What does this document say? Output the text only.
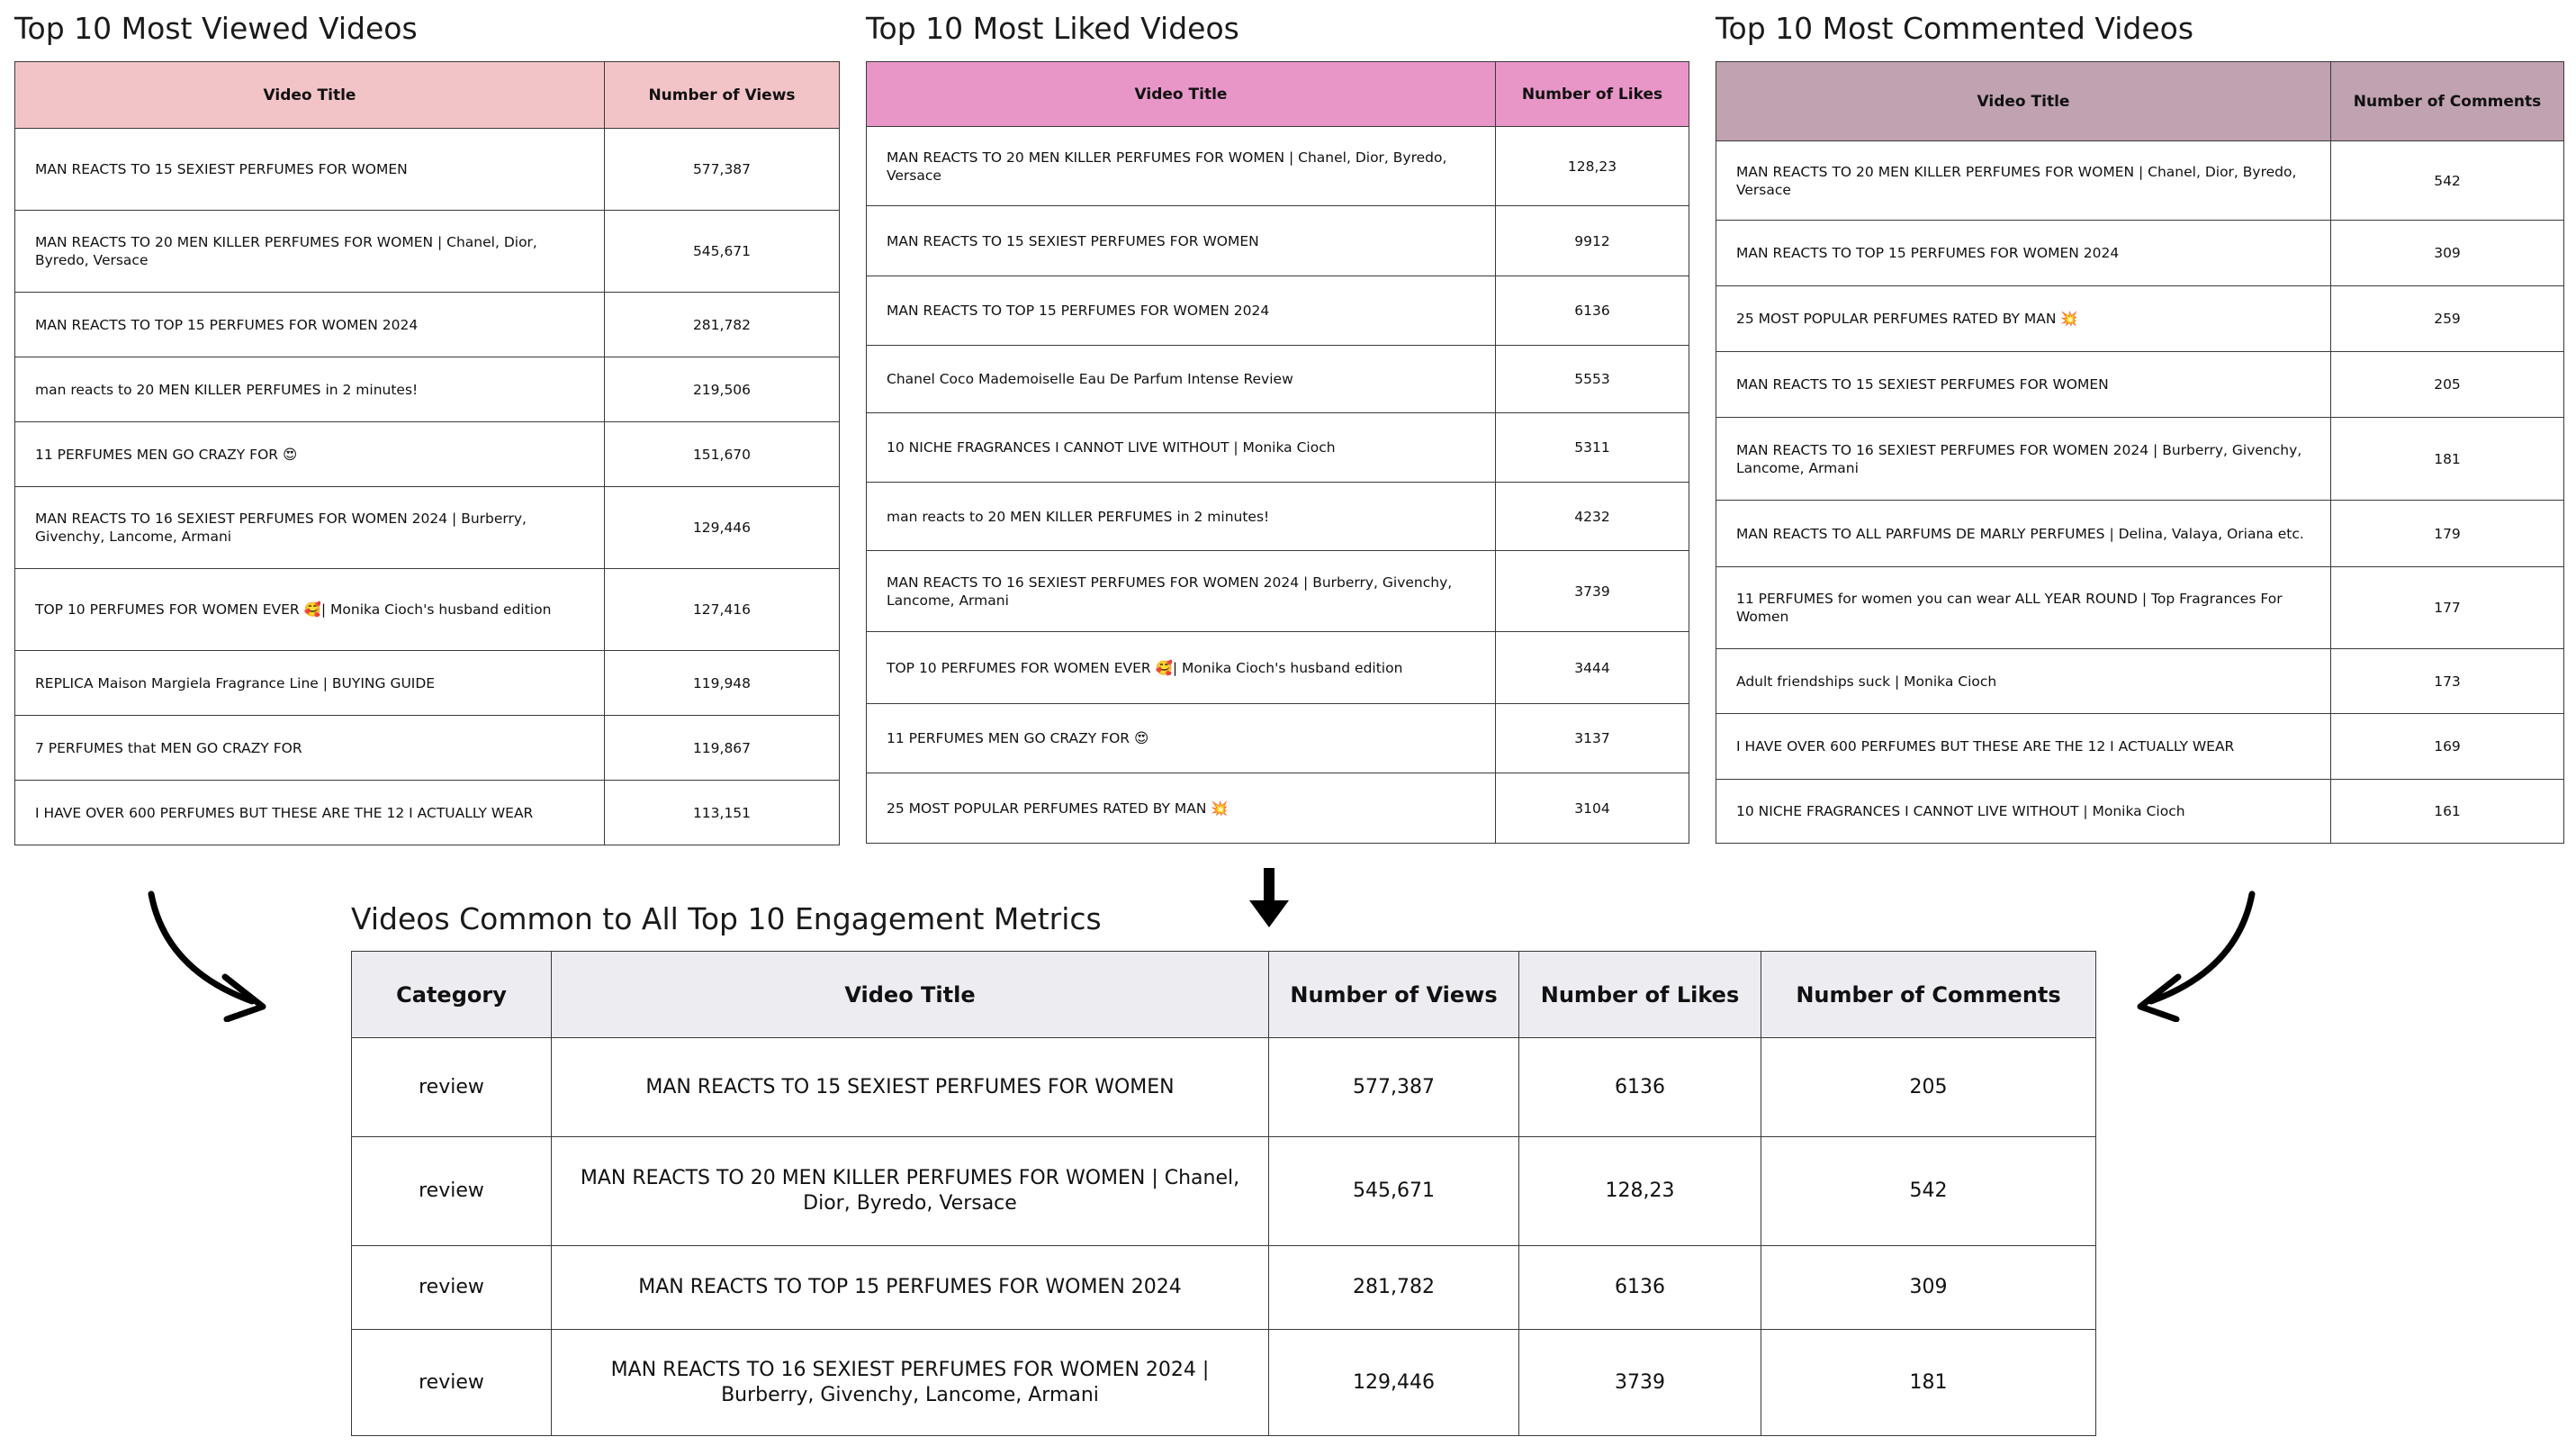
Top 10 Most Viewed Videos
Video Title	Number of Views
MAN REACTS TO 15 SEXIEST PERFUMES FOR WOMEN	577,387
MAN REACTS TO 20 MEN KILLER PERFUMES FOR WOMEN | Chanel, Dior, Byredo, Versace	545,671
MAN REACTS TO TOP 15 PERFUMES FOR WOMEN 2024	281,782
man reacts to 20 MEN KILLER PERFUMES in 2 minutes!	219,506
11 PERFUMES MEN GO CRAZY FOR 😍	151,670
MAN REACTS TO 16 SEXIEST PERFUMES FOR WOMEN 2024 | Burberry, Givenchy, Lancome, Armani	129,446
TOP 10 PERFUMES FOR WOMEN EVER 🥰| Monika Cioch's husband edition	127,416
REPLICA Maison Margiela Fragrance Line | BUYING GUIDE	119,948
7 PERFUMES that MEN GO CRAZY FOR	119,867
I HAVE OVER 600 PERFUMES BUT THESE ARE THE 12 I ACTUALLY WEAR	113,151
Top 10 Most Liked Videos
Video Title	Number of Likes
MAN REACTS TO 20 MEN KILLER PERFUMES FOR WOMEN | Chanel, Dior, Byredo, Versace	128,23
MAN REACTS TO 15 SEXIEST PERFUMES FOR WOMEN	9912
MAN REACTS TO TOP 15 PERFUMES FOR WOMEN 2024	6136
Chanel Coco Mademoiselle Eau De Parfum Intense Review	5553
10 NICHE FRAGRANCES I CANNOT LIVE WITHOUT | Monika Cioch	5311
man reacts to 20 MEN KILLER PERFUMES in 2 minutes!	4232
MAN REACTS TO 16 SEXIEST PERFUMES FOR WOMEN 2024 | Burberry, Givenchy, Lancome, Armani	3739
TOP 10 PERFUMES FOR WOMEN EVER 🥰| Monika Cioch's husband edition	3444
11 PERFUMES MEN GO CRAZY FOR 😍	3137
25 MOST POPULAR PERFUMES RATED BY MAN 💥	3104
Top 10 Most Commented Videos
Video Title	Number of Comments
MAN REACTS TO 20 MEN KILLER PERFUMES FOR WOMEN | Chanel, Dior, Byredo, Versace	542
MAN REACTS TO TOP 15 PERFUMES FOR WOMEN 2024	309
25 MOST POPULAR PERFUMES RATED BY MAN 💥	259
MAN REACTS TO 15 SEXIEST PERFUMES FOR WOMEN	205
MAN REACTS TO 16 SEXIEST PERFUMES FOR WOMEN 2024 | Burberry, Givenchy, Lancome, Armani	181
MAN REACTS TO ALL PARFUMS DE MARLY PERFUMES | Delina, Valaya, Oriana etc.	179
11 PERFUMES for women you can wear ALL YEAR ROUND | Top Fragrances For Women	177
Adult friendships suck | Monika Cioch	173
I HAVE OVER 600 PERFUMES BUT THESE ARE THE 12 I ACTUALLY WEAR	169
10 NICHE FRAGRANCES I CANNOT LIVE WITHOUT | Monika Cioch	161
Videos Common to All Top 10 Engagement Metrics
Category	Video Title	Number of Views	Number of Likes	Number of Comments
review	MAN REACTS TO 15 SEXIEST PERFUMES FOR WOMEN	577,387	6136	205
review	MAN REACTS TO 20 MEN KILLER PERFUMES FOR WOMEN | Chanel, Dior, Byredo, Versace	545,671	128,23	542
review	MAN REACTS TO TOP 15 PERFUMES FOR WOMEN 2024	281,782	6136	309
review	MAN REACTS TO 16 SEXIEST PERFUMES FOR WOMEN 2024 | Burberry, Givenchy, Lancome, Armani	129,446	3739	181
